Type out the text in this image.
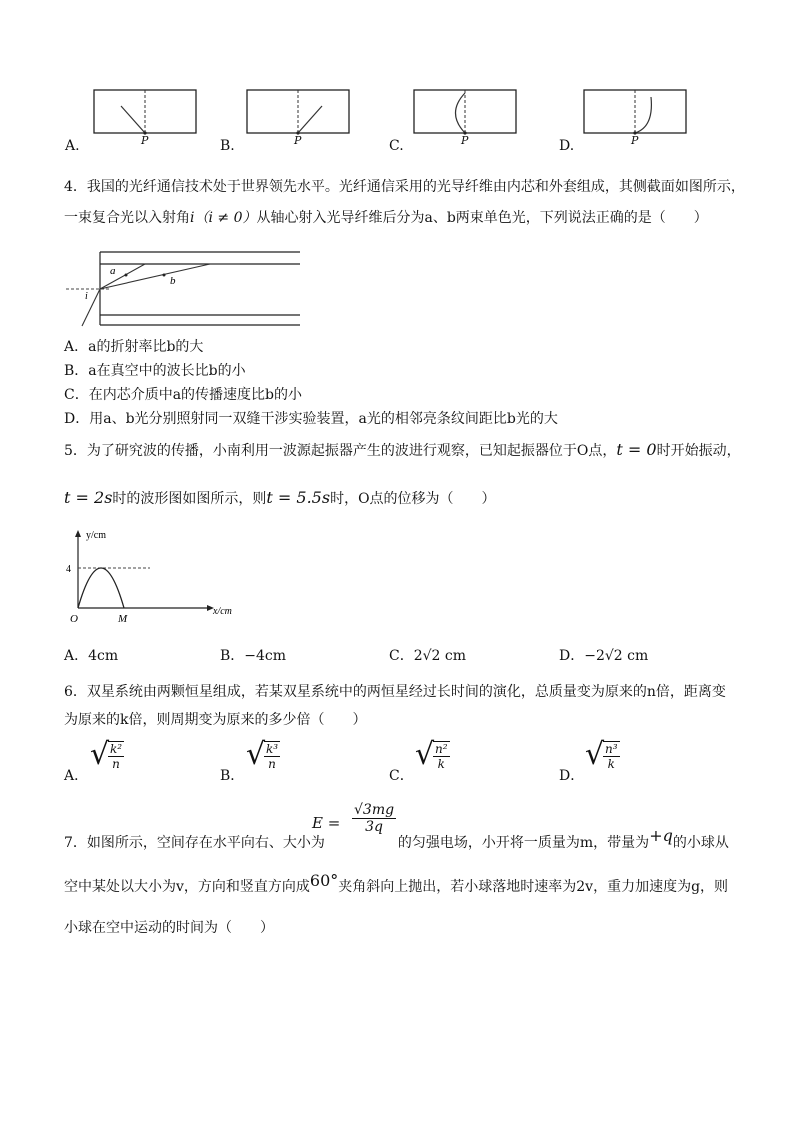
P	P	P	P
A.	B.	C.	D.
4．我国的光纤通信技术处于世界领先水平。光纤通信采用的光导纤维由内芯和外套组成，其侧截面如图所示，
一束复合光以入射角i（i ≠ 0）从轴心射入光导纤维后分为a、b两束单色光，下列说法正确的是（　　）
a
b
i
A．a的折射率比b的大
B．a在真空中的波长比b的小
C．在内芯介质中a的传播速度比b的小
D．用a、b光分别照射同一双缝干涉实验装置，a光的相邻亮条纹间距比b光的大
5．为了研究波的传播，小南利用一波源起振器产生的波进行观察，已知起振器位于O点，t = 0时开始振动，
t = 2s时的波形图如图所示，则t = 5.5s时，O点的位移为（　　）
y/cm
x/cm
4
O	M
A．4cm	B．−4cm	C．2√2 cm	D．−2√2 cm
6．双星系统由两颗恒星组成，若某双星系统中的两恒星经过长时间的演化，总质量变为原来的n倍，距离变
为原来的k倍，则周期变为原来的多少倍（　　）
A．
√
$\frac{\text{k²}}{n}$
B．
√
$\frac{\text{k³}}{n}$
C．
√
$\frac{\text{n²}}{k}$
D．
√
$\frac{\text{n³}}{k}$
$E = \frac{√3mg}{3q}$
7．如图所示，空间存在水平向右、大小为	的匀强电场，小开将一质量为m，带量为+q的小球从
空中某处以大小为v，方向和竖直方向成60°夹角斜向上抛出，若小球落地时速率为2v，重力加速度为g，则
小球在空中运动的时间为（　　）
